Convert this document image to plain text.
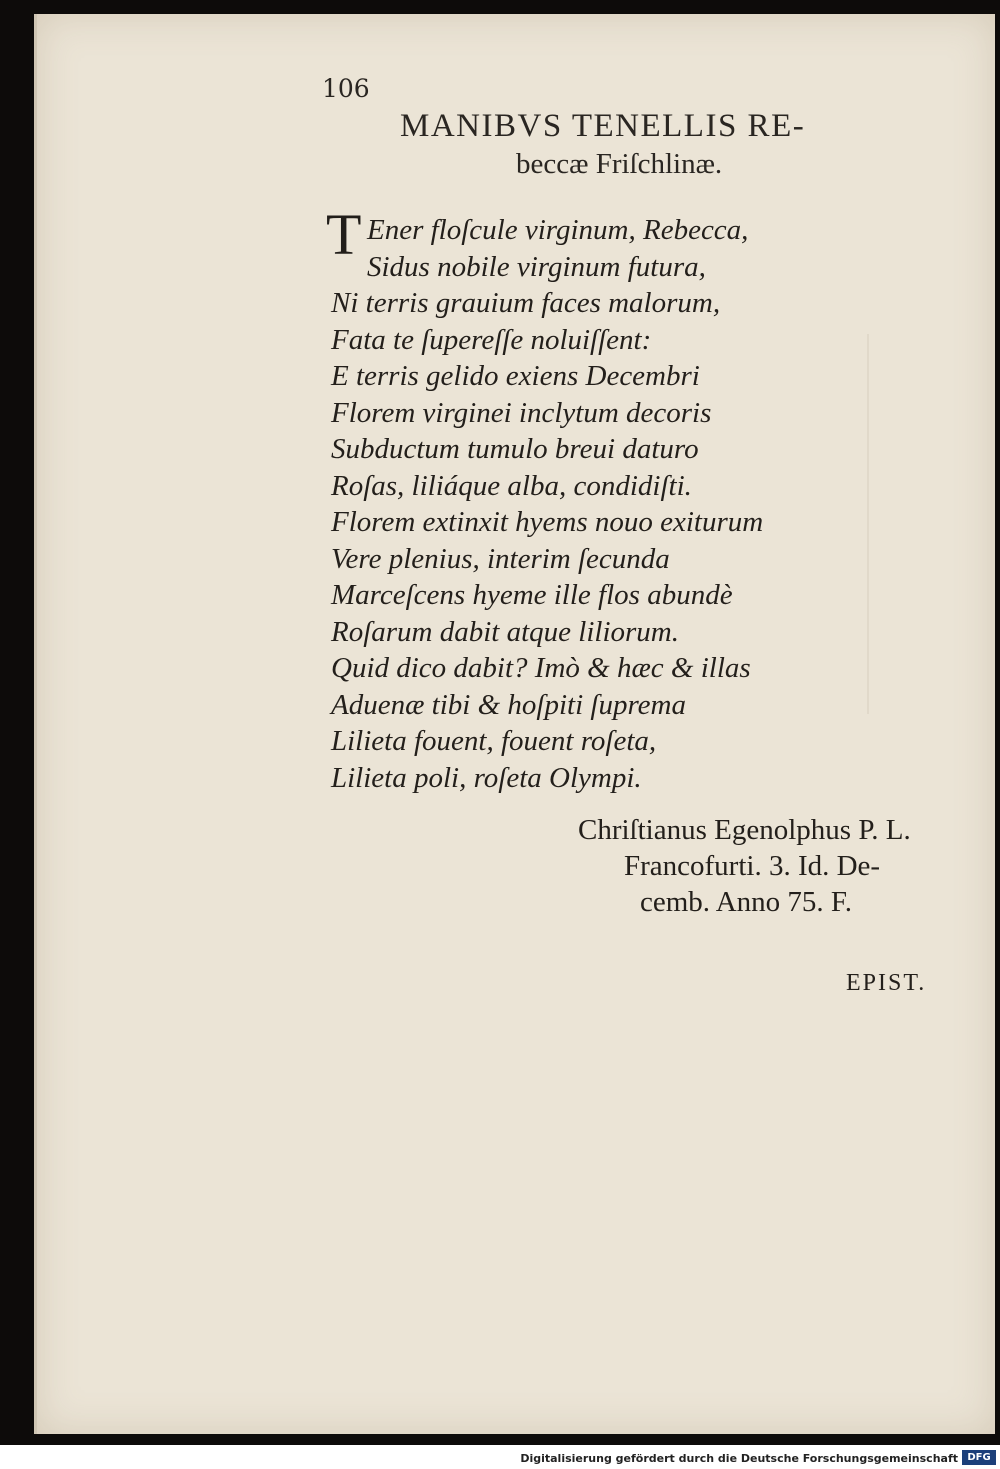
106
MANIBVS TENELLIS RE-
beccæ Friſchlinæ.
T Ener floſcule virginum, Rebecca,
Sidus nobile virginum futura,
Ni terris grauium faces malorum,
Fata te ſupereſſe noluiſſent:
E terris gelido exiens Decembri
Florem virginei inclytum decoris
Subductum tumulo breui daturo
Roſas, liliáque alba, condidiſti.
Florem extinxit hyems nouo exiturum
Vere plenius, interim ſecunda
Marceſcens hyeme ille flos abundè
Roſarum dabit atque liliorum.
Quid dico dabit? Imò & hæc & illas
Aduenæ tibi & hoſpiti ſuprema
Lilieta fouent, fouent roſeta,
Lilieta poli, roſeta Olympi.
Chriſtianus Egenolphus P. L.
Francofurti. 3. Id. De-
cemb. Anno 75. F.
EPIST.
Digitalisierung gefördert durch die Deutsche Forschungsgemeinschaft DFG
